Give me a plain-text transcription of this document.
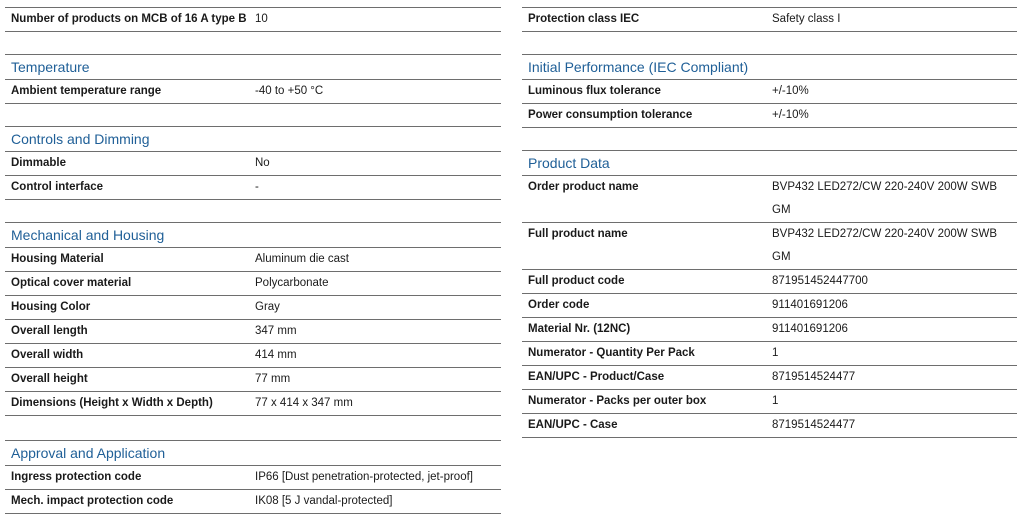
Number of products on MCB of 16 A type B 10
Temperature
Ambient temperature range	-40 to +50 °C
Controls and Dimming
Dimmable	No
Control interface	-
Mechanical and Housing
Housing Material	Aluminum die cast
Optical cover material	Polycarbonate
Housing Color	Gray
Overall length	347 mm
Overall width	414 mm
Overall height	77 mm
Dimensions (Height x Width x Depth)	77 x 414 x 347 mm
Approval and Application
Ingress protection code	IP66 [Dust penetration-protected, jet-proof]
Mech. impact protection code	IK08 [5 J vandal-protected]
Protection class IEC	Safety class I
Initial Performance (IEC Compliant)
Luminous flux tolerance	+/-10%
Power consumption tolerance	+/-10%
Product Data
Order product name	BVP432 LED272/CW 220-240V 200W SWB GM
Full product name	BVP432 LED272/CW 220-240V 200W SWB GM
Full product code	871951452447700
Order code	911401691206
Material Nr. (12NC)	911401691206
Numerator - Quantity Per Pack	1
EAN/UPC - Product/Case	8719514524477
Numerator - Packs per outer box	1
EAN/UPC - Case	8719514524477
